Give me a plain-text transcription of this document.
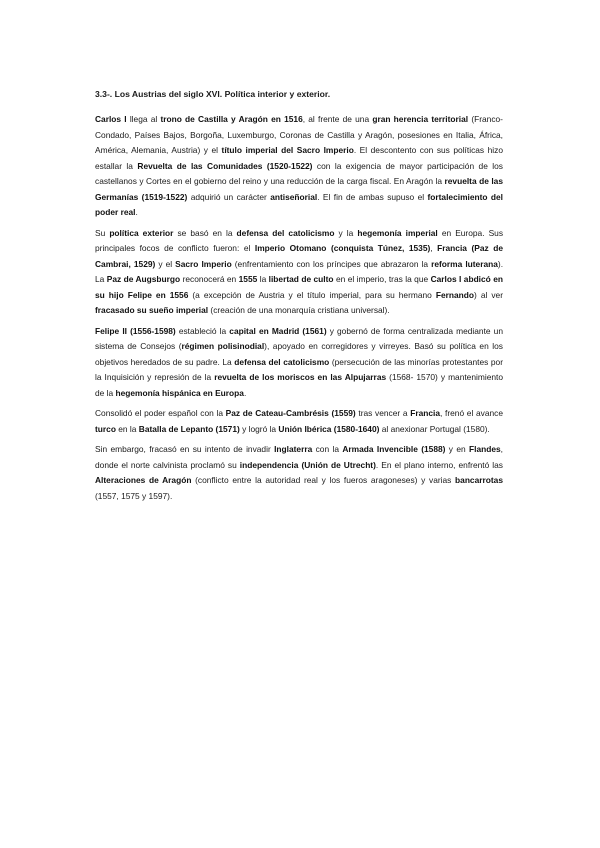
3.3-. Los Austrias del siglo XVI. Política interior y exterior.

Carlos I llega al trono de Castilla y Aragón en 1516, al frente de una gran herencia territorial (Franco-Condado, Países Bajos, Borgoña, Luxemburgo, Coronas de Castilla y Aragón, posesiones en Italia, África, América, Alemania, Austria) y el título imperial del Sacro Imperio. El descontento con sus políticas hizo estallar la Revuelta de las Comunidades (1520-1522) con la exigencia de mayor participación de los castellanos y Cortes en el gobierno del reino y una reducción de la carga fiscal. En Aragón la revuelta de las Germanías (1519-1522) adquirió un carácter antiseñorial. El fin de ambas supuso el fortalecimiento del poder real.

Su política exterior se basó en la defensa del catolicismo y la hegemonía imperial en Europa. Sus principales focos de conflicto fueron: el Imperio Otomano (conquista Túnez, 1535), Francia (Paz de Cambrai, 1529) y el Sacro Imperio (enfrentamiento con los príncipes que abrazaron la reforma luterana). La Paz de Augsburgo reconocerá en 1555 la libertad de culto en el imperio, tras la que Carlos I abdicó en su hijo Felipe en 1556 (a excepción de Austria y el título imperial, para su hermano Fernando) al ver fracasado su sueño imperial (creación de una monarquía cristiana universal).

Felipe II (1556-1598) estableció la capital en Madrid (1561) y gobernó de forma centralizada mediante un sistema de Consejos (régimen polisinodial), apoyado en corregidores y virreyes. Basó su política en los objetivos heredados de su padre. La defensa del catolicismo (persecución de las minorías protestantes por la Inquisición y represión de la revuelta de los moriscos en las Alpujarras (1568- 1570) y mantenimiento de la hegemonía hispánica en Europa.

Consolidó el poder español con la Paz de Cateau-Cambrésis (1559) tras vencer a Francia, frenó el avance turco en la Batalla de Lepanto (1571) y logró la Unión Ibérica (1580-1640) al anexionar Portugal (1580).

Sin embargo, fracasó en su intento de invadir Inglaterra con la Armada Invencible (1588) y en Flandes, donde el norte calvinista proclamó su independencia (Unión de Utrecht). En el plano interno, enfrentó las Alteraciones de Aragón (conflicto entre la autoridad real y los fueros aragoneses) y varias bancarrotas (1557, 1575 y 1597).
